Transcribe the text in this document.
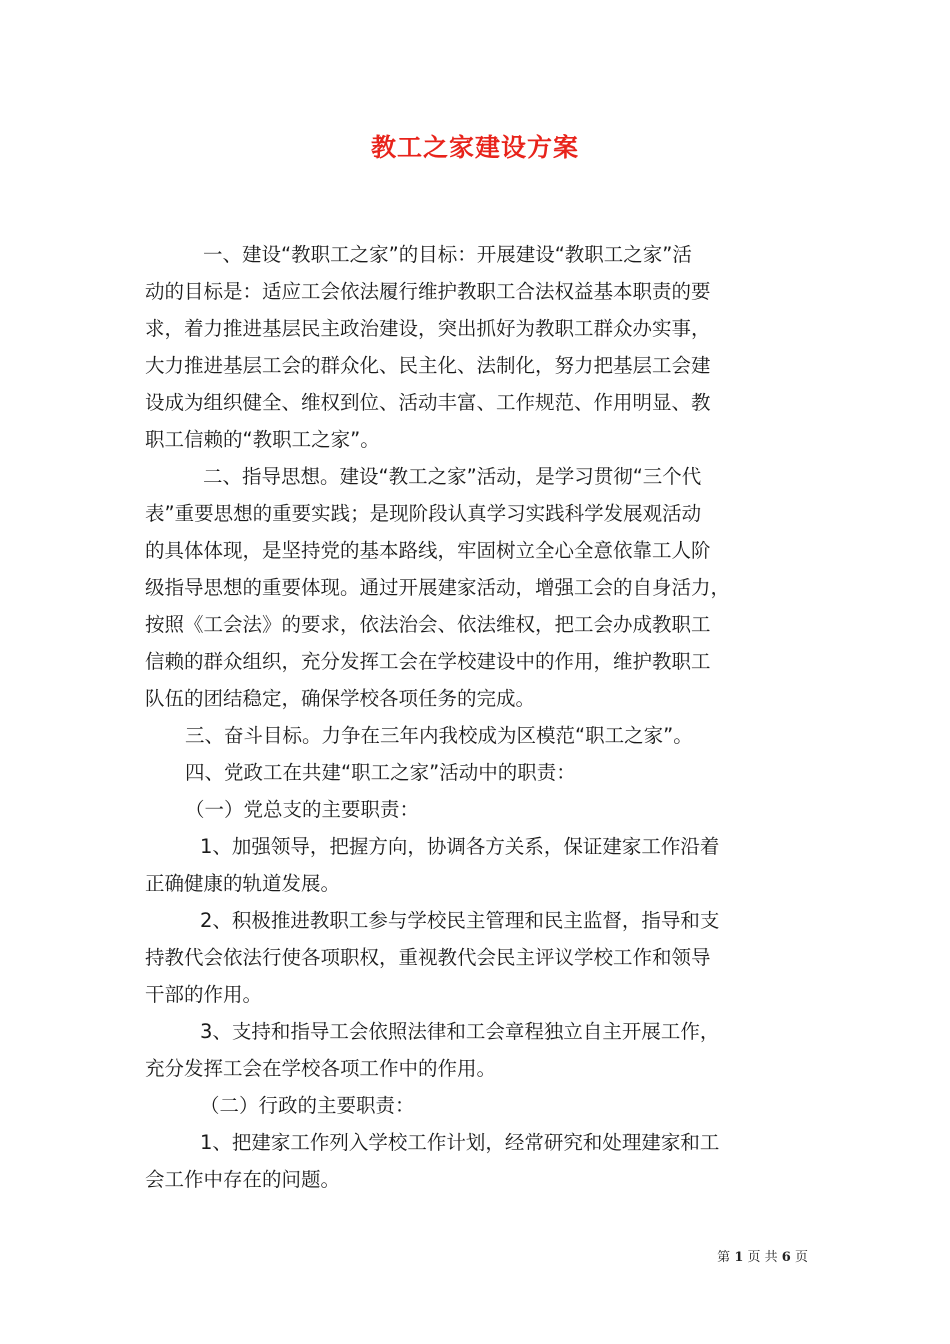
教工之家建设方案
一、建设“教职工之家”的目标：开展建设“教职工之家”活
动的目标是：适应工会依法履行维护教职工合法权益基本职责的要
求，着力推进基层民主政治建设，突出抓好为教职工群众办实事，
大力推进基层工会的群众化、民主化、法制化，努力把基层工会建
设成为组织健全、维权到位、活动丰富、工作规范、作用明显、教
职工信赖的“教职工之家”。
二、指导思想。建设“教工之家”活动，是学习贯彻“三个代
表”重要思想的重要实践；是现阶段认真学习实践科学发展观活动
的具体体现，是坚持党的基本路线，牢固树立全心全意依靠工人阶
级指导思想的重要体现。通过开展建家活动，增强工会的自身活力，
按照《工会法》的要求，依法治会、依法维权，把工会办成教职工
信赖的群众组织，充分发挥工会在学校建设中的作用，维护教职工
队伍的团结稳定，确保学校各项任务的完成。
三、奋斗目标。力争在三年内我校成为区模范“职工之家”。
四、党政工在共建“职工之家”活动中的职责：
（一）党总支的主要职责：
1、加强领导，把握方向，协调各方关系，保证建家工作沿着
正确健康的轨道发展。
2、积极推进教职工参与学校民主管理和民主监督，指导和支
持教代会依法行使各项职权，重视教代会民主评议学校工作和领导
干部的作用。
3、支持和指导工会依照法律和工会章程独立自主开展工作，
充分发挥工会在学校各项工作中的作用。
（二）行政的主要职责：
1、把建家工作列入学校工作计划，经常研究和处理建家和工
会工作中存在的问题。
第 1 页 共 6 页
